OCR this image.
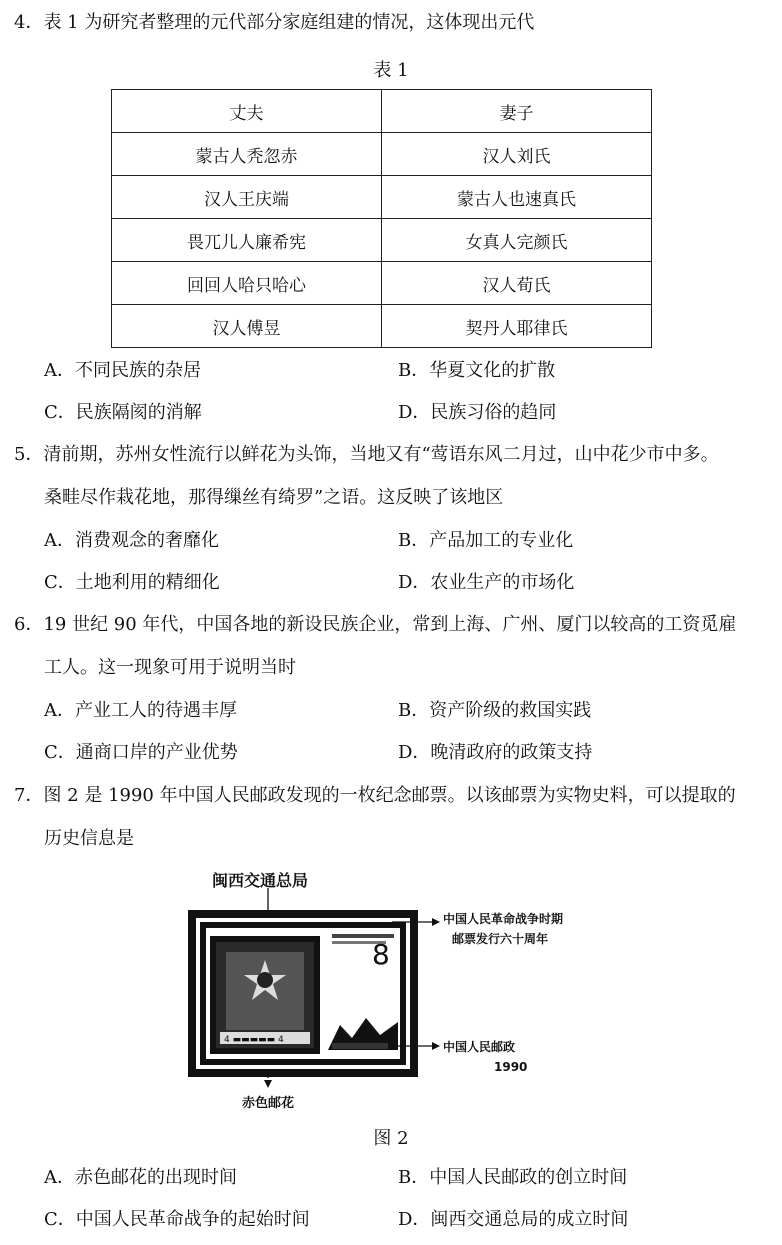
4．表 1 为研究者整理的元代部分家庭组建的情况，这体现出元代
表 1
丈夫	妻子
蒙古人秃忽赤	汉人刘氏
汉人王庆端	蒙古人也速真氏
畏兀儿人廉希宪	女真人完颜氏
回回人哈只哈心	汉人荀氏
汉人傅昱	契丹人耶律氏
A．不同民族的杂居	B．华夏文化的扩散
C．民族隔阂的消解	D．民族习俗的趋同
5．清前期，苏州女性流行以鲜花为头饰，当地又有“莺语东风二月过，山中花少市中多。
桑畦尽作栽花地，那得缫丝有绮罗”之语。这反映了该地区
A．消费观念的奢靡化	B．产品加工的专业化
C．土地利用的精细化	D．农业生产的市场化
6．19 世纪 90 年代，中国各地的新设民族企业，常到上海、广州、厦门以较高的工资觅雇
工人。这一现象可用于说明当时
A．产业工人的待遇丰厚	B．资产阶级的救国实践
C．通商口岸的产业优势	D．晚清政府的政策支持
7．图 2 是 1990 年中国人民邮政发现的一枚纪念邮票。以该邮票为实物史料，可以提取的
历史信息是
闽西交通总局
4 ▬▬▬▬▬ 4
8
中国人民革命战争时期
邮票发行六十周年
中国人民邮政
1990
赤色邮花
图 2
A．赤色邮花的出现时间	B．中国人民邮政的创立时间
C．中国人民革命战争的起始时间	D．闽西交通总局的成立时间
